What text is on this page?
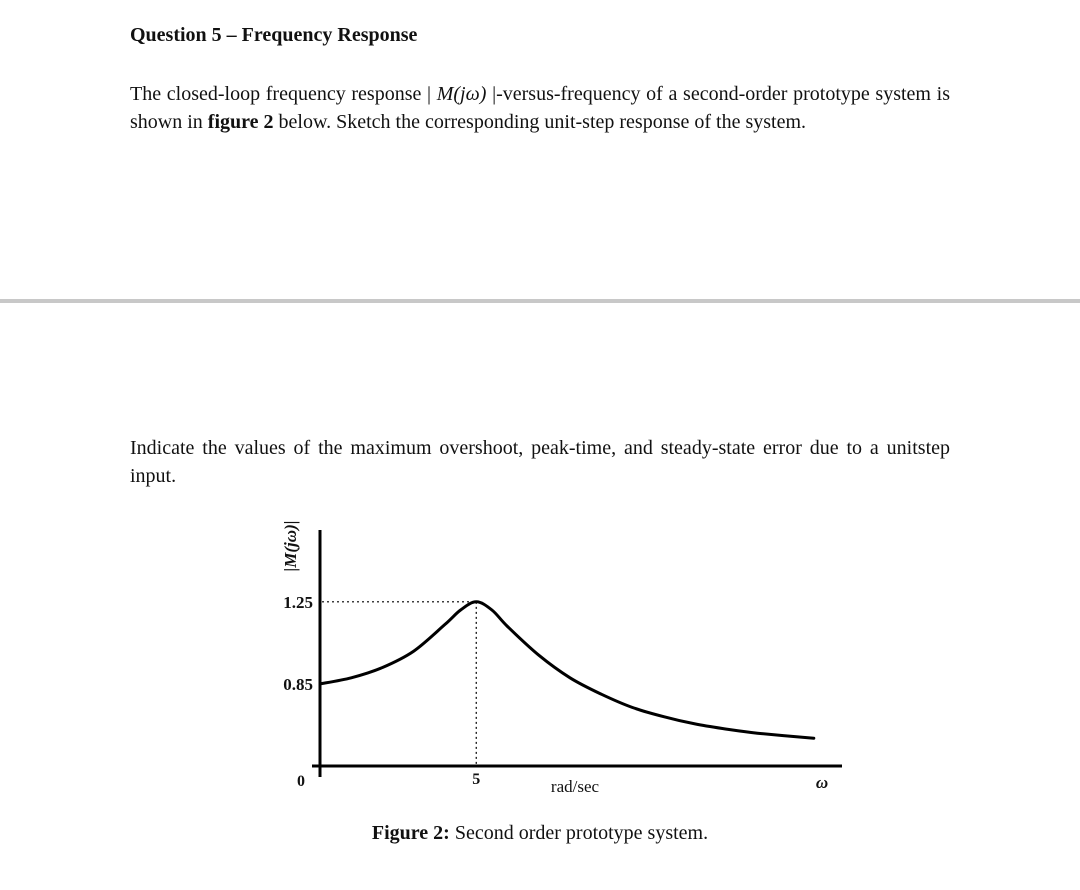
Question 5 – Frequency Response
The closed-loop frequency response | M(jω) |-versus-frequency of a second-order prototype system is shown in figure 2 below. Sketch the corresponding unit-step response of the system.
Indicate the values of the maximum overshoot, peak-time, and steady-state error due to a unitstep input.
|M(jω)|
rad/sec	ω
0	5
0.85
1.25
Figure 2: Second order prototype system.
